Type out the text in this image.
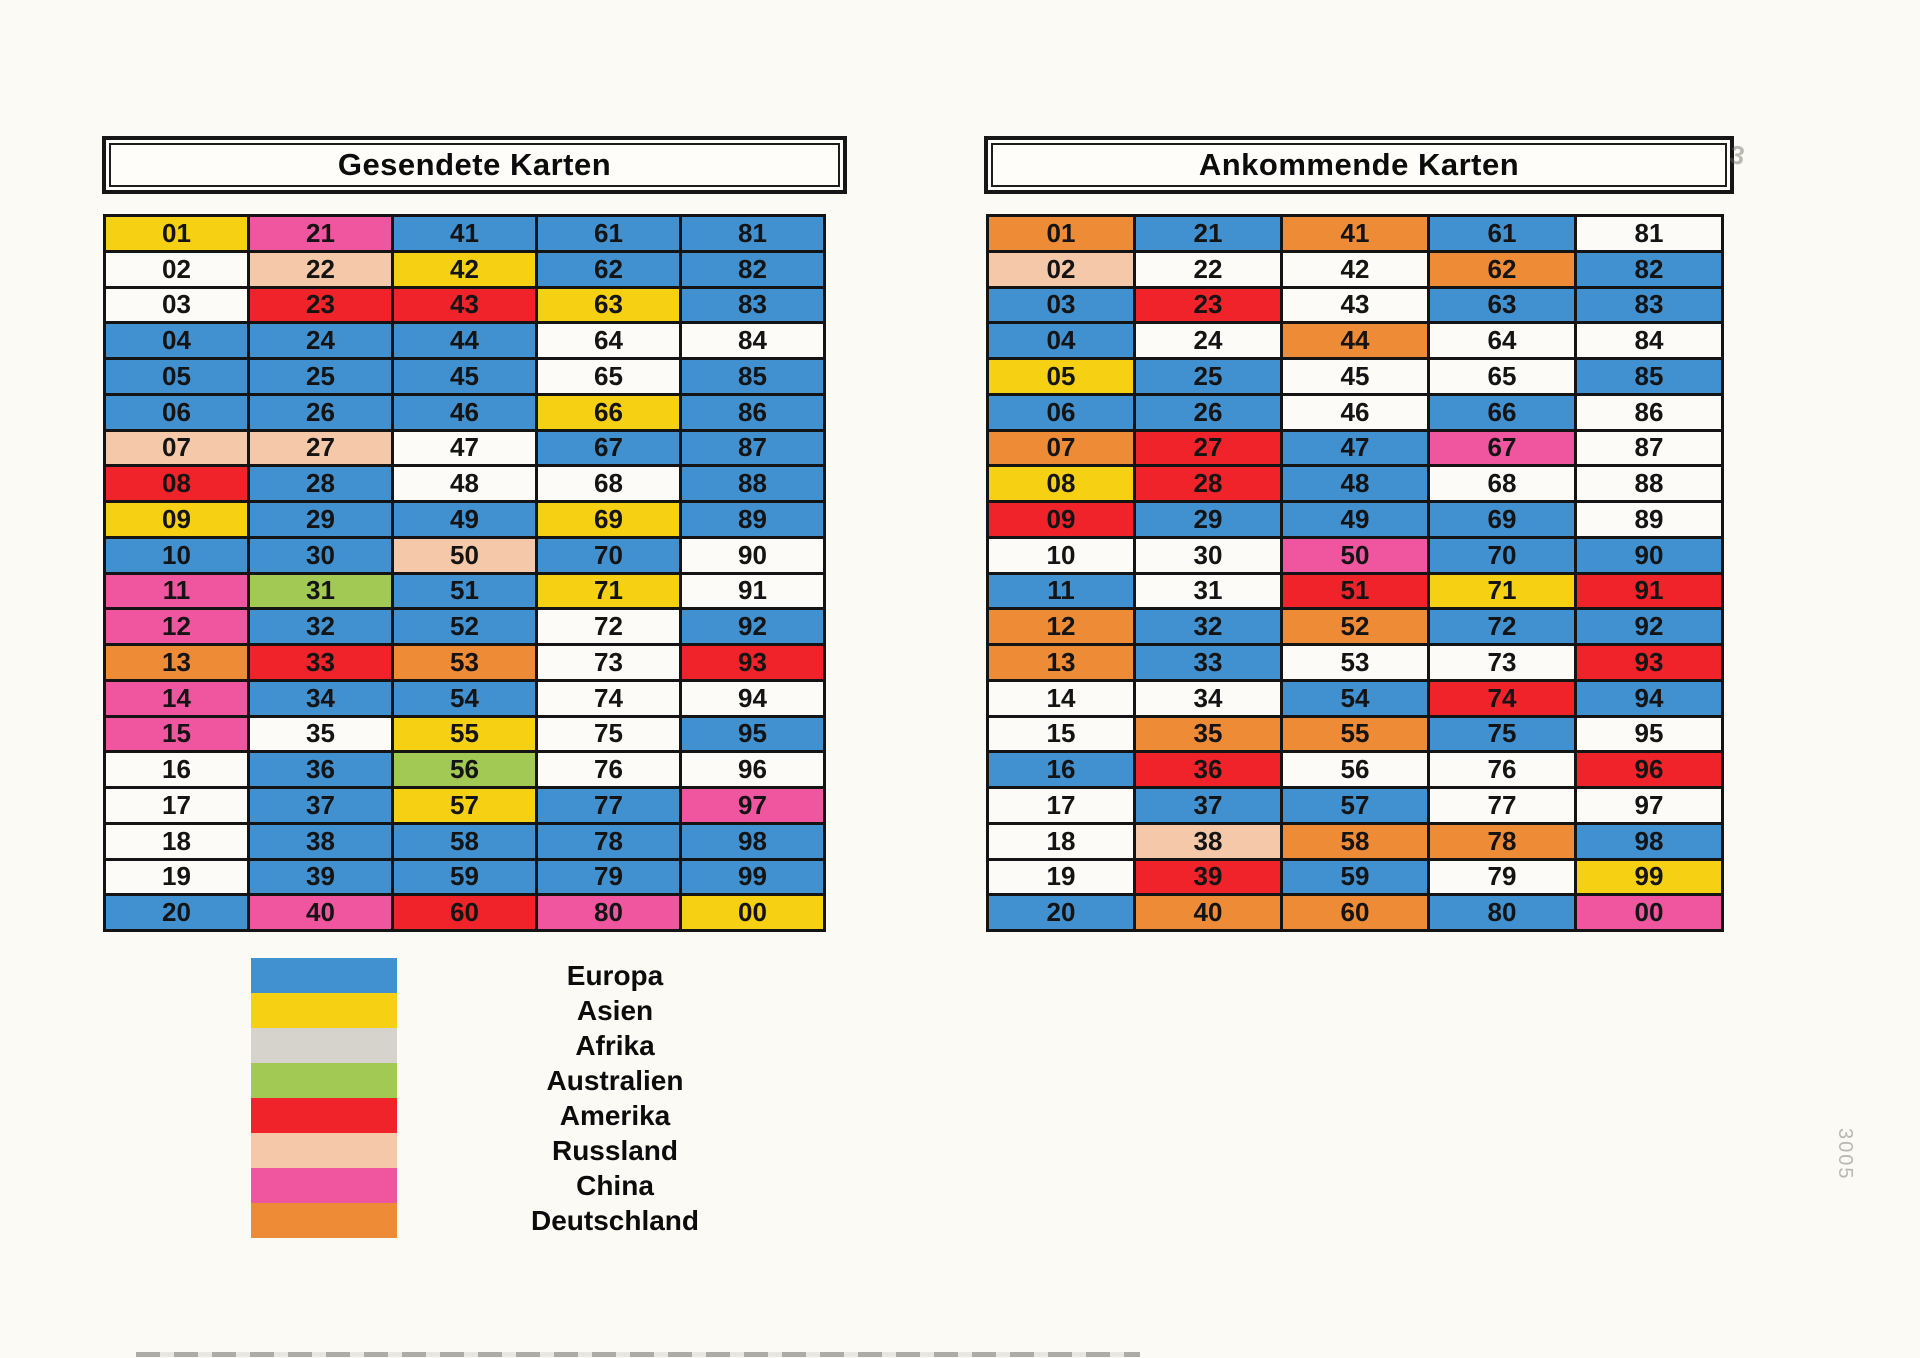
Gesendete Karten	Ankommende Karten
01	21	41	61	81
02	22	42	62	82
03	23	43	63	83
04	24	44	64	84
05	25	45	65	85
06	26	46	66	86
07	27	47	67	87
08	28	48	68	88
09	29	49	69	89
10	30	50	70	90
11	31	51	71	91
12	32	52	72	92
13	33	53	73	93
14	34	54	74	94
15	35	55	75	95
16	36	56	76	96
17	37	57	77	97
18	38	58	78	98
19	39	59	79	99
20	40	60	80	00
01	21	41	61	81
02	22	42	62	82
03	23	43	63	83
04	24	44	64	84
05	25	45	65	85
06	26	46	66	86
07	27	47	67	87
08	28	48	68	88
09	29	49	69	89
10	30	50	70	90
11	31	51	71	91
12	32	52	72	92
13	33	53	73	93
14	34	54	74	94
15	35	55	75	95
16	36	56	76	96
17	37	57	77	97
18	38	58	78	98
19	39	59	79	99
20	40	60	80	00
Europa
Asien
Afrika
Australien
Amerika
Russland
China
Deutschland
3005
3
